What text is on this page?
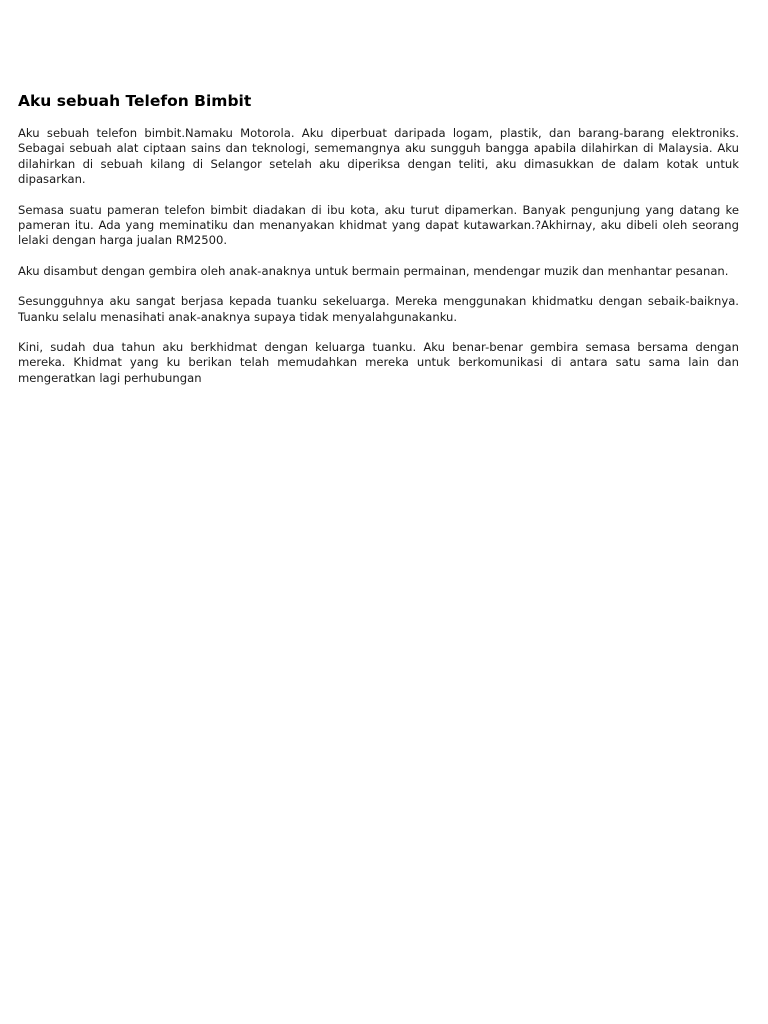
Aku sebuah Telefon Bimbit

Aku sebuah telefon bimbit.Namaku Motorola. Aku diperbuat daripada logam, plastik, dan barang-barang elektroniks. Sebagai sebuah alat ciptaan sains dan teknologi, sememangnya aku sungguh bangga apabila dilahirkan di Malaysia. Aku dilahirkan di sebuah kilang di Selangor setelah aku diperiksa dengan teliti, aku dimasukkan de dalam kotak untuk dipasarkan.

Semasa suatu pameran telefon bimbit diadakan di ibu kota, aku turut dipamerkan. Banyak pengunjung yang datang ke pameran itu. Ada yang meminatiku dan menanyakan khidmat yang dapat kutawarkan.?Akhirnay, aku dibeli oleh seorang lelaki dengan harga jualan RM2500.

Aku disambut dengan gembira oleh anak-anaknya untuk bermain permainan, mendengar muzik dan menhantar pesanan.

Sesungguhnya aku sangat berjasa kepada tuanku sekeluarga. Mereka menggunakan khidmatku dengan sebaik-baiknya. Tuanku selalu menasihati anak-anaknya supaya tidak menyalahgunakanku.

Kini, sudah dua tahun aku berkhidmat dengan keluarga tuanku. Aku benar-benar gembira semasa bersama dengan mereka. Khidmat yang ku berikan telah memudahkan mereka untuk berkomunikasi di antara satu sama lain dan mengeratkan lagi perhubungan
